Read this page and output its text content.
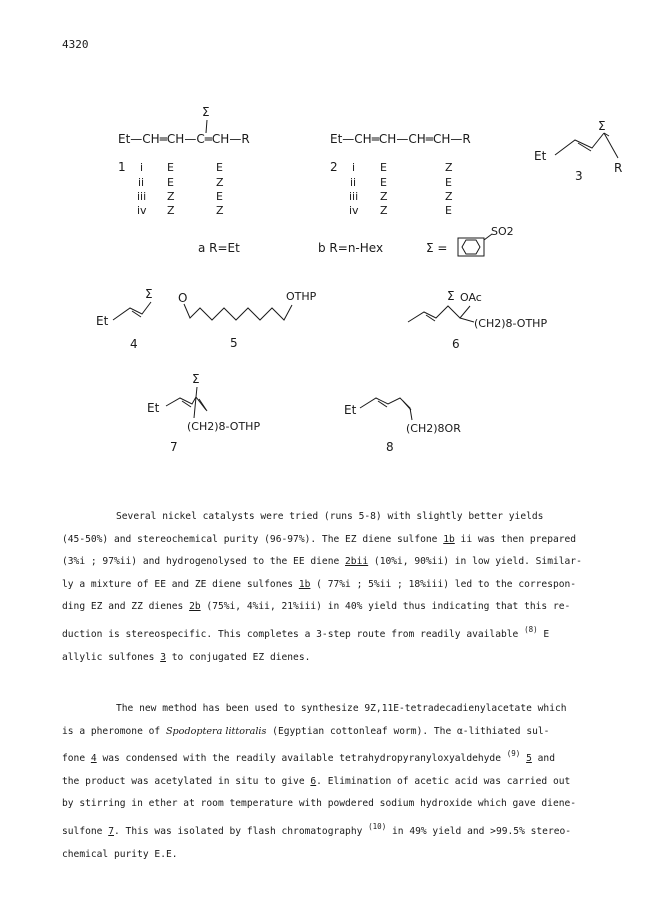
4320
Σ
Et—CH═CH—C═CH—R
1 i E	E
ii E	Z
iii Z	E
iv Z	Z
Et—CH═CH—CH═CH—R
2 i E	Z
ii E	E
iii Z	Z
iv Z	E
Σ
Et
R
3
a R=Et	b R=n-Hex	Σ =
SO2
Σ
Et
4
O	OTHP
5
Σ OAc
(CH2)8-OTHP
6
Σ
Et
(CH2)8-OTHP
7
Et
(CH2)8OR
8

Several nickel catalysts were tried (runs 5-8) with slightly better yields

(45-50%) and stereochemical purity (96-97%). The EZ diene sulfone 1b ii was then prepared

(3%i ; 97%ii) and hydrogenolysed to the EE diene 2bii (10%i, 90%ii) in low yield. Similar-

ly a mixture of EE and ZE diene sulfones 1b ( 77%i ; 5%ii ; 18%iii) led to the correspon-

ding EZ and ZZ dienes 2b (75%i, 4%ii, 21%iii) in 40% yield thus indicating that this re-

duction is stereospecific. This completes a 3-step route from readily available $^{(8)}$ E

allylic sulfones 3 to conjugated EZ dienes.

The new method has been used to synthesize 9Z,11E-tetradecadienylacetate which

is a pheromone of Spodoptera littoralis (Egyptian cottonleaf worm). The α-lithiated sul-

fone 4 was condensed with the readily available tetrahydropyranyloxyaldehyde $^{(9)}$ 5 and

the product was acetylated in situ to give 6. Elimination of acetic acid was carried out

by stirring in ether at room temperature with powdered sodium hydroxide which gave diene-

sulfone 7. This was isolated by flash chromatography $^{(10)}$ in 49% yield and >99.5% stereo-

chemical purity E.E.
